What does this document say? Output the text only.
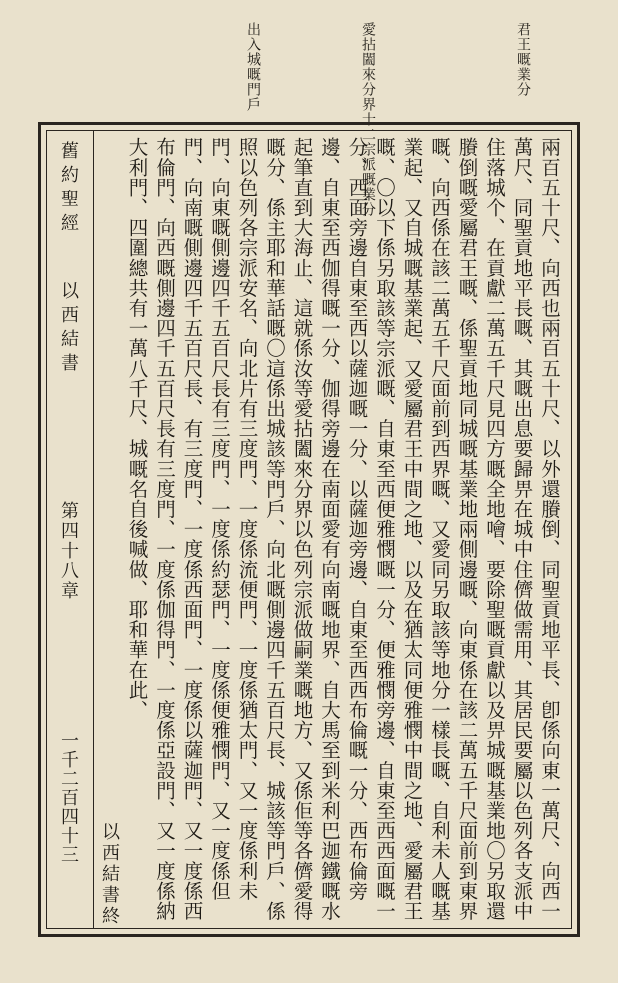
君王嘅業分
愛拈闔來分界十二宗派嘅業分
出入城嘅門戶
舊約聖經
以西結書
第四十八章
一千二百四十三	兩百五十尺、向西也兩百五十尺、以外還賸倒、同聖貢地平長、卽係向東一萬尺、向西一萬尺、同聖貢地平長嘅、其嘅出息要歸畀在城中住儕做需用、其居民要屬以色列各支派中住落城个、在貢獻二萬五千尺見四方嘅全地噲、要除聖嘅貢獻以及畀城嘅基業地〇另取還賸倒嘅愛屬君王嘅、係聖貢地同城嘅基業地兩側邊嘅、向東係在該二萬五千尺面前到東界嘅、向西係在該二萬五千尺面前到西界嘅、又愛同另取該等地分一樣長嘅、自利未人嘅基業起、又自城嘅基業起、又愛屬君王中間之地、以及在猶太同便雅憫中間之地、愛屬君王嘅、〇以下係另取該等宗派嘅、自東至西便雅憫嘅一分、便雅憫旁邊、自東至西西面嘅一分、西面旁邊自東至西以薩迦嘅一分、以薩迦旁邊、自東至西西布倫嘅一分、西布倫旁邊、自東至西伽得嘅一分、伽得旁邊在南面愛有向南嘅地界、自大馬至到米利巴迦鐵嘅水起筆直到大海止、這就係汝等愛拈闔來分界以色列宗派做嗣業嘅地方、又係佢等各儕愛得嘅分、係主耶和華話嘅〇這係出城該等門戶、向北嘅側邊四千五百尺長、城該等門戶、係照以色列各宗派安名、向北片有三度門、一度係流便門、一度係猶太門、又一度係利未門、向東嘅側邊四千五百尺長有三度門、一度係約瑟門、一度係便雅憫門、又一度係但門、向南嘅側邊四千五百尺長、有三度門、一度係西面門、一度係以薩迦門、又一度係西布倫門、向西嘅側邊四千五百尺長有三度門、一度係伽得門、一度係亞設門、又一度係納大利門、四圍總共有一萬八千尺、城嘅名自後喊做、耶和華在此、

以西結書終
